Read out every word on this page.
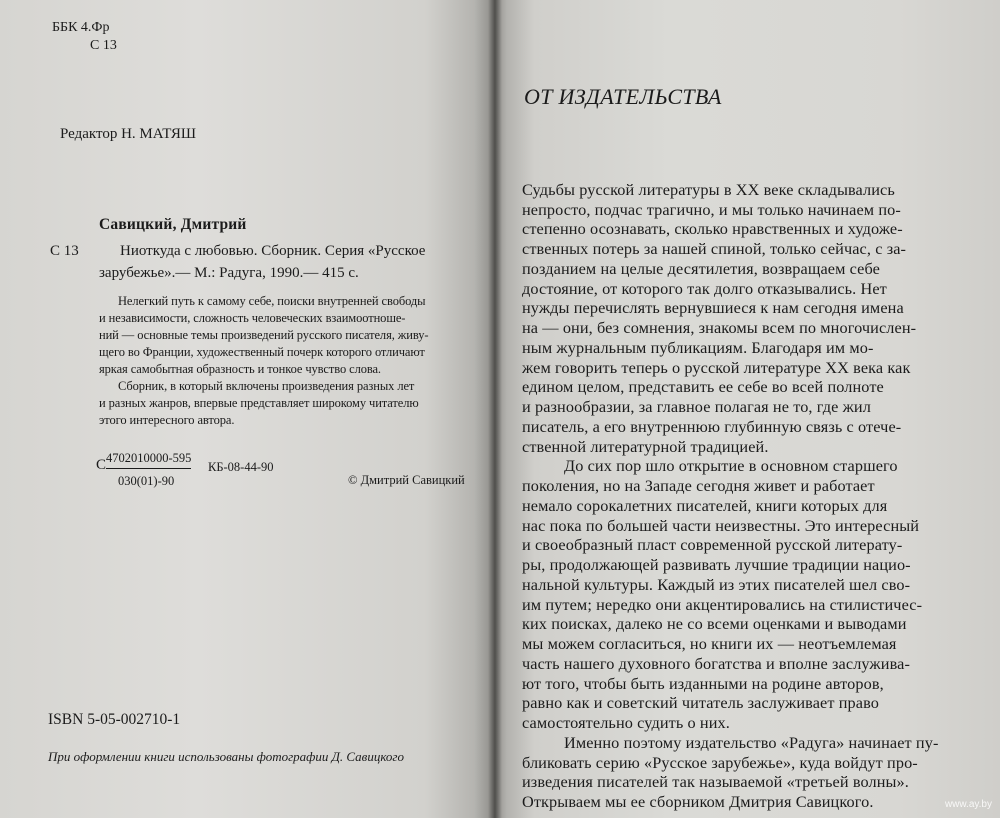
ББК 4.Фр
С 13
Редактор Н. МАТЯШ
Савицкий, Дмитрий
С 13	Ниоткуда с любовью. Сборник. Серия «Русское
зарубежье».— М.: Радуга, 1990.— 415 с.
Нелегкий путь к самому себе, поиски внутренней свободы
и независимости, сложность человеческих взаимоотноше-
ний — основные темы произведений русского писателя, живу-
щего во Франции, художественный почерк которого отличают
яркая самобытная образность и тонкое чувство слова.
Сборник, в который включены произведения разных лет
и разных жанров, впервые представляет широкому читателю
этого интересного автора.
С 4702010000-595
КБ-08-44-90
030(01)-90	© Дмитрий Савицкий
ISBN 5-05-002710-1
При оформлении книги использованы фотографии Д. Савицкого
ОТ ИЗДАТЕЛЬСТВА
Судьбы русской литературы в XX веке складывались
непросто, подчас трагично, и мы только начинаем по-
степенно осознавать, сколько нравственных и художе-
ственных потерь за нашей спиной, только сейчас, с за-
позданием на целые десятилетия, возвращаем себе
достояние, от которого так долго отказывались. Нет
нужды перечислять вернувшиеся к нам сегодня имена
на — они, без сомнения, знакомы всем по многочислен-
ным журнальным публикациям. Благодаря им мо-
жем говорить теперь о русской литературе XX века как
едином целом, представить ее себе во всей полноте
и разнообразии, за главное полагая не то, где жил
писатель, а его внутреннюю глубинную связь с отече-
ственной литературной традицией.
До сих пор шло открытие в основном старшего
поколения, но на Западе сегодня живет и работает
немало сорокалетних писателей, книги которых для
нас пока по большей части неизвестны. Это интересный
и своеобразный пласт современной русской литерату-
ры, продолжающей развивать лучшие традиции нацио-
нальной культуры. Каждый из этих писателей шел сво-
им путем; нередко они акцентировались на стилистичес-
ких поисках, далеко не со всеми оценками и выводами
мы можем согласиться, но книги их — неотъемлемая
часть нашего духовного богатства и вполне заслужива-
ют того, чтобы быть изданными на родине авторов,
равно как и советский читатель заслуживает право
самостоятельно судить о них.
Именно поэтому издательство «Радуга» начинает пу-
бликовать серию «Русское зарубежье», куда войдут про-
изведения писателей так называемой «третьей волны».
Открываем мы ее сборником Дмитрия Савицкого.	www.ay.by
